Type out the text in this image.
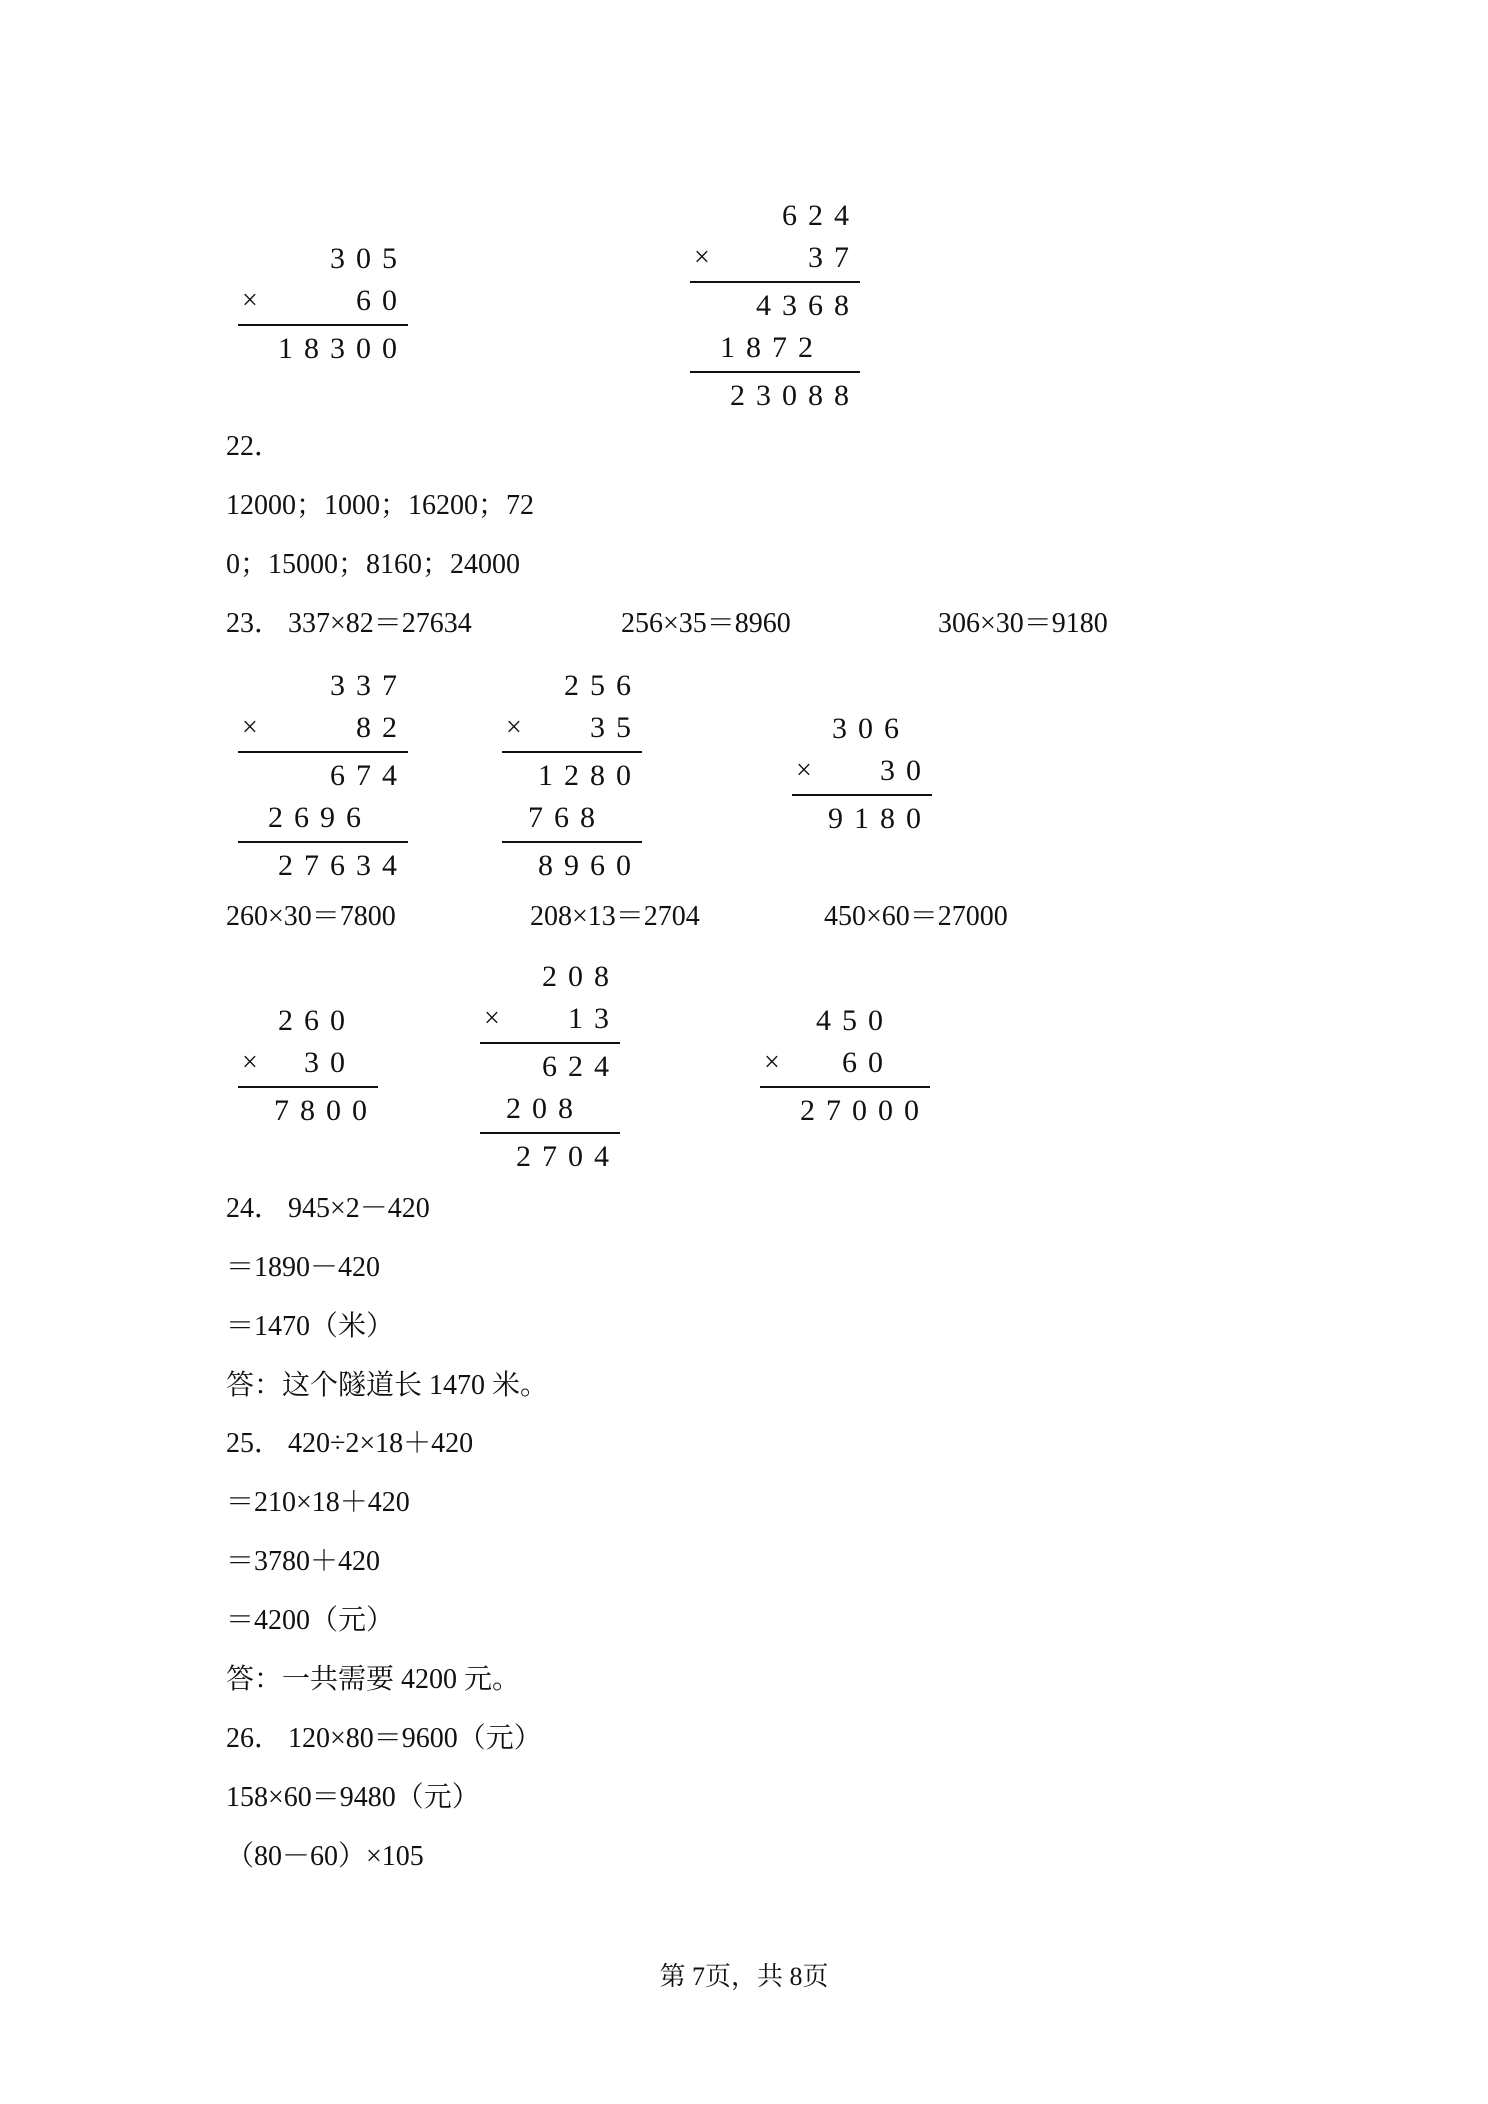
305
×	60
18300
624
×	37
4368
1872
23088
22．
12000；1000；16200；72
0；15000；8160；24000
23． 337×82＝27634	256×35＝8960	306×30＝9180
337
×	82
674
2696
27634
256
× 35
1280
768
8960
306
× 30
9180
260×30＝7800	208×13＝2704	450×60＝27000
260
× 30
7800
208
× 13
624
208
2704
450
× 60
27000
24． 945×2－420
＝1890－420
＝1470（米）
答：这个隧道长 1470 米。
25． 420÷2×18＋420
＝210×18＋420
＝3780＋420
＝4200（元）
答：一共需要 4200 元。
26． 120×80＝9600（元）
158×60＝9480（元）
（80－60）×105
第 7页，共 8页
